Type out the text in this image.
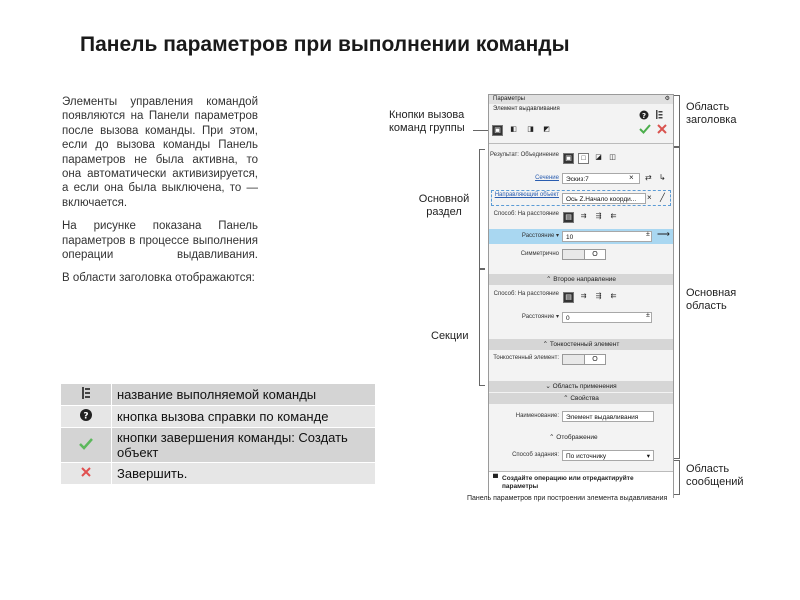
Панель параметров при выполнении команды

Элементы управления командой появляются на Панели параметров после вызова команды. При этом, если до вызова команды Панель параметров не была активна, то она автоматически активизируется, а если она была выключена, то — включается.

На рисунке показана Панель параметров в процессе выполнения операции выдавливания.

В области заголовка отображаются:

	название выполняемой команды

?	кнопка вызова справки по команде
	кнопки завершения команды: Создать объект
	Завершить.
Кнопки вызова команд группы
Основной раздел
Секции
Область заголовка
Основная область
Область сообщений
Параметры	⚙
Элемент выдавливания
?
▣	◧	◨	◩
Результат: Объединение ▣	□	◪	◫
Сечение	Эскиз:7	× ⇄ ↳
Направляющий объект
Ось Z.Начало коорди...	× ╱
Способ: На расстояние ▤	⇉	⇶	⇇
Расстояние ▾	10	± ⟶
Симметрично	О
⌃ Второе направление
Способ: На расстояние ▤	⇉	⇶	⇇
Расстояние ▾	0	±
⌃ Тонкостенный элемент
Тонкостенный элемент:	О
⌄ Область применения
⌃ Свойства
Наименование:	Элемент выдавливания
⌃ Отображение
Способ задания:	По источнику	▾
▀ Создайте операцию или отредактируйте параметры
Панель параметров при построении элемента выдавливания
